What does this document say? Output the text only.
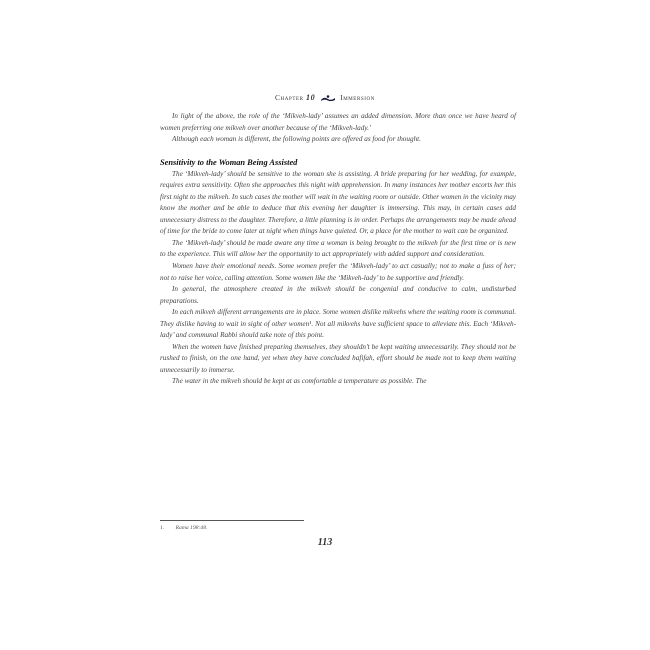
Chapter 10	Immersion

In light of the above, the role of the ‘Mikveh-lady’ assumes an added dimension. More than once we have heard of women preferring one mikveh over another because of the ‘Mikveh-lady.’

Although each woman is different, the following points are offered as food for thought.

Sensitivity to the Woman Being Assisted

The ‘Mikveh-lady’ should be sensitive to the woman she is assisting. A bride preparing for her wedding, for example, requires extra sensitivity. Often she approaches this night with apprehension. In many instances her mother escorts her this first night to the mikveh. In such cases the mother will wait in the waiting room or outside. Other women in the vicinity may know the mother and be able to deduce that this evening her daughter is immersing. This may, in certain cases add unnecessary distress to the daughter. Therefore, a little planning is in order. Perhaps the arrangements may be made ahead of time for the bride to come later at night when things have quieted. Or, a place for the mother to wait can be organized.

The ‘Mikveh-lady’ should be made aware any time a woman is being brought to the mikveh for the first time or is new to the experience. This will allow her the opportunity to act appropriately with added support and consideration.

Women have their emotional needs. Some women prefer the ‘Mikveh-lady’ to act casually; not to make a fuss of her; not to raise her voice, calling attention. Some women like the ‘Mikveh-lady’ to be supportive and friendly.

In general, the atmosphere created in the mikveh should be congenial and conducive to calm, undisturbed preparations.

In each mikveh different arrangements are in place. Some women dislike mikvehs where the waiting room is communal. They dislike having to wait in sight of other women¹. Not all mikvehs have sufficient space to alleviate this. Each ‘Mikveh-lady’ and communal Rabbi should take note of this point.

When the women have finished preparing themselves, they shouldn’t be kept waiting unnecessarily. They should not be rushed to finish, on the one hand, yet when they have concluded hafifah, effort should be made not to keep them waiting unnecessarily to immerse.

The water in the mikveh should be kept at as comfortable a temperature as possible. The

1. Rama 198:48.
113
